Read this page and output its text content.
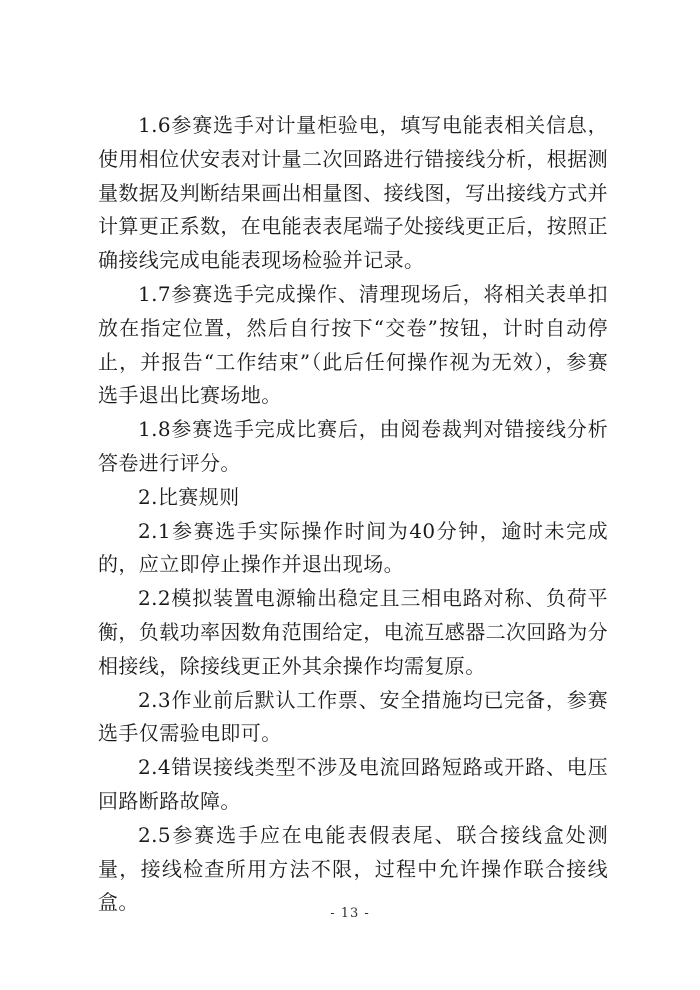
1.6参赛选手对计量柜验电，填写电能表相关信息，使用相位伏安表对计量二次回路进行错接线分析，根据测量数据及判断结果画出相量图、接线图，写出接线方式并计算更正系数，在电能表表尾端子处接线更正后，按照正确接线完成电能表现场检验并记录。

1.7参赛选手完成操作、清理现场后，将相关表单扣放在指定位置，然后自行按下“交卷”按钮，计时自动停止，并报告“工作结束”（此后任何操作视为无效），参赛选手退出比赛场地。

1.8参赛选手完成比赛后，由阅卷裁判对错接线分析答卷进行评分。

2.比赛规则

2.1参赛选手实际操作时间为40分钟，逾时未完成的，应立即停止操作并退出现场。

2.2模拟装置电源输出稳定且三相电路对称、负荷平衡，负载功率因数角范围给定，电流互感器二次回路为分相接线，除接线更正外其余操作均需复原。

2.3作业前后默认工作票、安全措施均已完备，参赛选手仅需验电即可。

2.4错误接线类型不涉及电流回路短路或开路、电压回路断路故障。

2.5参赛选手应在电能表假表尾、联合接线盒处测量，接线检查所用方法不限，过程中允许操作联合接线盒。	- 13 -
